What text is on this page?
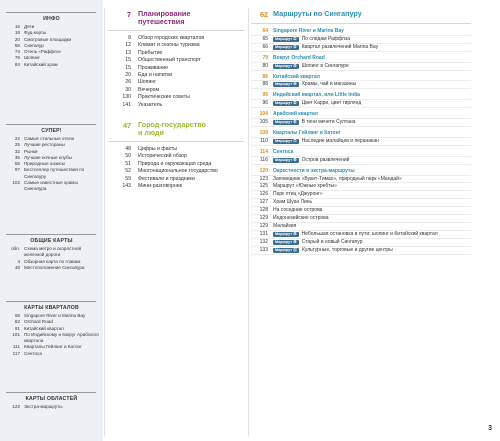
ИНФО
16 Дети
18 Фуд-корты
20 Смотровые площадки
56 Сингапур
74 Отель «Раффлз»
76 Шопинг
84 Китайский храм
СУПЕР!
22 Самые стильные отели
25 Лучшие рестораны
32 Рынки
35 Лучшие ночные клубы
55 Природные оазисы
97 Бестселлер путешествия по Сингапуру
102 Самые известные храмы Сингапура
ОБЩИЕ КАРТЫ
обл. Схема метро и скоростной железной дороги
4 Обзорная карта по главам
48 Местоположение Сингапура
КАРТЫ КВАРТАЛОВ
68 Singapore River и Marina Bay
82 Orchard Road
91 Китайский квартал
101 По Индийскому и вокруг Арабского квартала
111 Кварталы Гейланг и Катонг
117 Сентоса
КАРТЫ ОБЛАСТЕЙ
122 Экстра-маршруты
7 Планирование
путешествия
8	Обзор городских кварталов
12	Климат и сезоны туризма
13	Прибытие
15	Общественный транспорт
15	Проживание
20	Еда и напитки
26	Шопинг
30	Вечером
130	Практические советы
141	Указатель
47 Город-государство
и люди
48	Цифры и факты
50	Исторический обзор
51	Природа и окружающая среда
52	Многонациональное государство
59	Фестивали и праздники
143	Мини-разговорник
62 Маршруты по Сингапуру
64	Singapore River и Marina Bay
65	Маршрут ①	По следам Раффлза
66	Маршрут ②	Квартал развлечений Marina Bay
79	Вокруг Orchard Road
80	Маршрут ③	Шопинг в Сингапуре
86	Китайский квартал
88	Маршрут ④	Храмы, чай и магазины
95	Индийский квартал, или Little India
96	Маршрут ⑤	Цвет Карри, цвет гирлянд
104	Арабский квартал
105	Маршрут ⑥	В тени мечети Султана
109	Кварталы Гейланг и Катонг
110	Маршрут ⑦	Наследие малайцев и перанакан
114	Сентоса
116	Маршрут ⑧	Остров развлечений
120	Окрестности и экстра-маршруты
123	Заповедник «Букит-Тимах», природный парк «Мандай»
125	Маршрут «Южные хребты»
126	Парк птиц «Джуронг»
127	Храм Шуан Линь
128	На соседние острова
129	Индонезийские острова
129	Малайзия
131	Маршрут ⑨	Небольшая остановка в пути: шопинг и Китайский квартал
132	Маршрут ⑩	Старый и новый Сингапур
133	Маршрут ⑪	Культурные, торговые и другие центры
3
